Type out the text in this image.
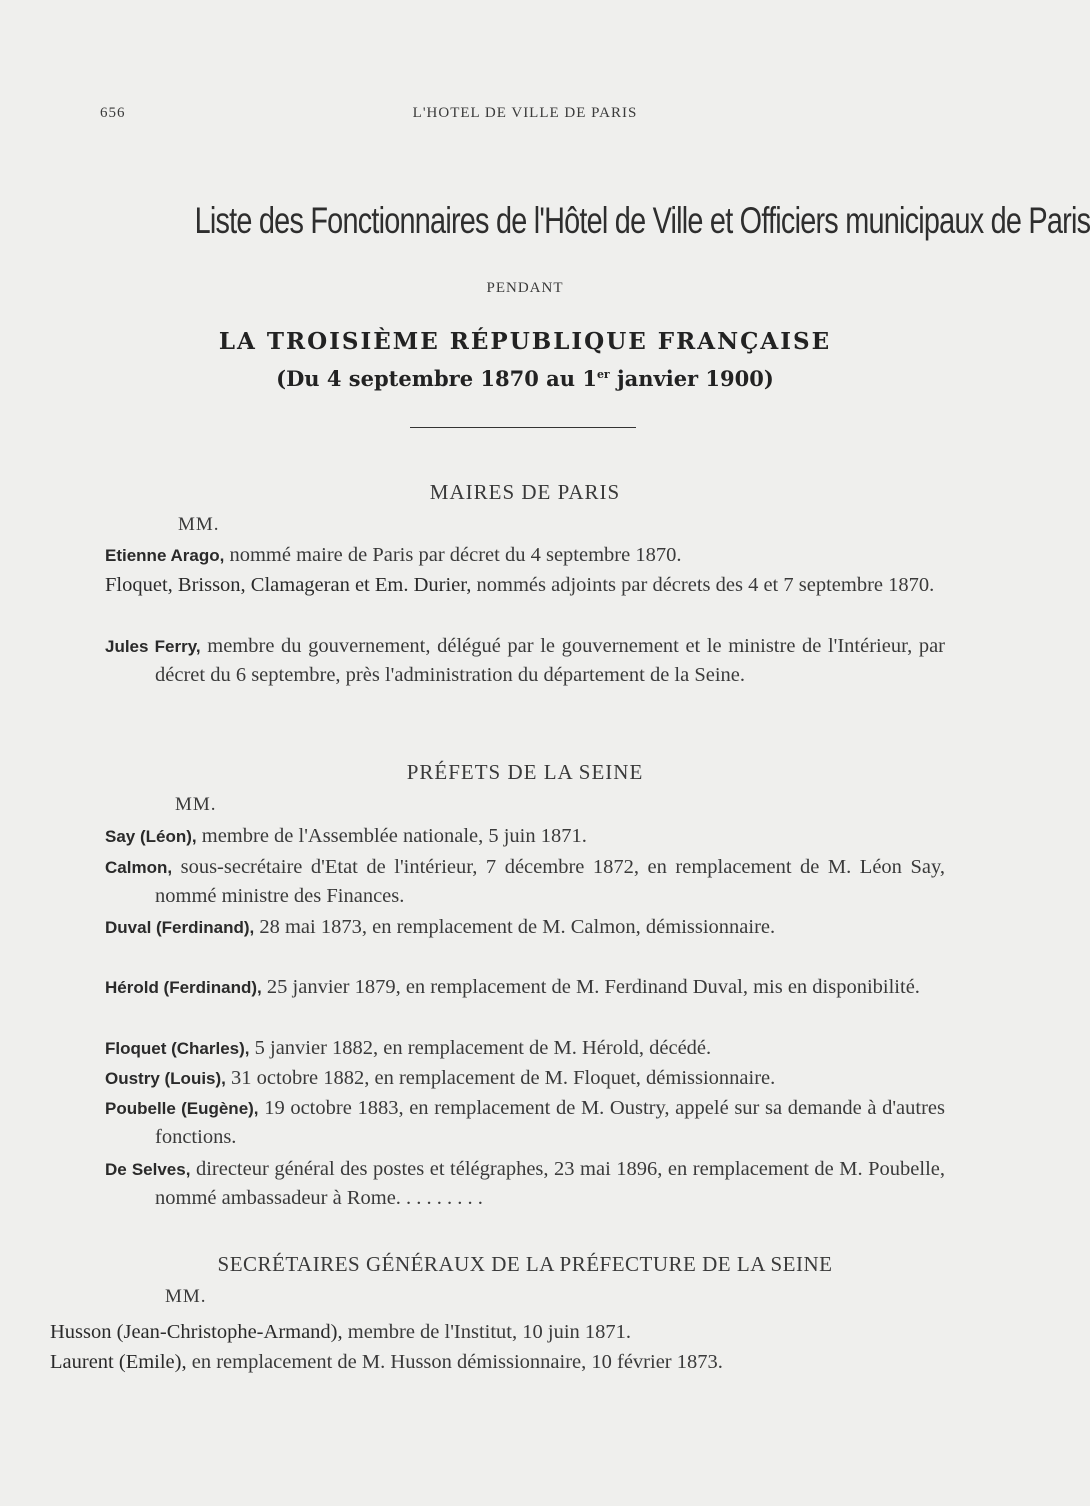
656	L'HOTEL DE VILLE DE PARIS
Liste des Fonctionnaires de l'Hôtel de Ville et Officiers municipaux de Paris
PENDANT
LA TROISIÈME RÉPUBLIQUE FRANÇAISE
(Du 4 septembre 1870 au 1er janvier 1900)
MAIRES DE PARIS
MM.
Etienne Arago, nommé maire de Paris par décret du 4 septembre 1870.
Floquet, Brisson, Clamageran et Em. Durier, nommés adjoints par décrets des 4 et 7 septembre 1870.
Jules Ferry, membre du gouvernement, délégué par le gouvernement et le ministre de l'Intérieur, par décret du 6 septembre, près l'administration du département de la Seine.
PRÉFETS DE LA SEINE
MM.
Say (Léon), membre de l'Assemblée nationale, 5 juin 1871.
Calmon, sous-secrétaire d'Etat de l'intérieur, 7 décembre 1872, en remplacement de M. Léon Say, nommé ministre des Finances.
Duval (Ferdinand), 28 mai 1873, en remplacement de M. Calmon, démissionnaire.
Hérold (Ferdinand), 25 janvier 1879, en remplacement de M. Ferdinand Duval, mis en disponibilité.
Floquet (Charles), 5 janvier 1882, en remplacement de M. Hérold, décédé.
Oustry (Louis), 31 octobre 1882, en remplacement de M. Floquet, démissionnaire.
Poubelle (Eugène), 19 octobre 1883, en remplacement de M. Oustry, appelé sur sa demande à d'autres fonctions.
De Selves, directeur général des postes et télégraphes, 23 mai 1896, en remplacement de M. Poubelle, nommé ambassadeur à Rome. . . . . . . . .
SECRÉTAIRES GÉNÉRAUX DE LA PRÉFECTURE DE LA SEINE
MM.
Husson (Jean-Christophe-Armand), membre de l'Institut, 10 juin 1871.
Laurent (Emile), en remplacement de M. Husson démissionnaire, 10 février 1873.
